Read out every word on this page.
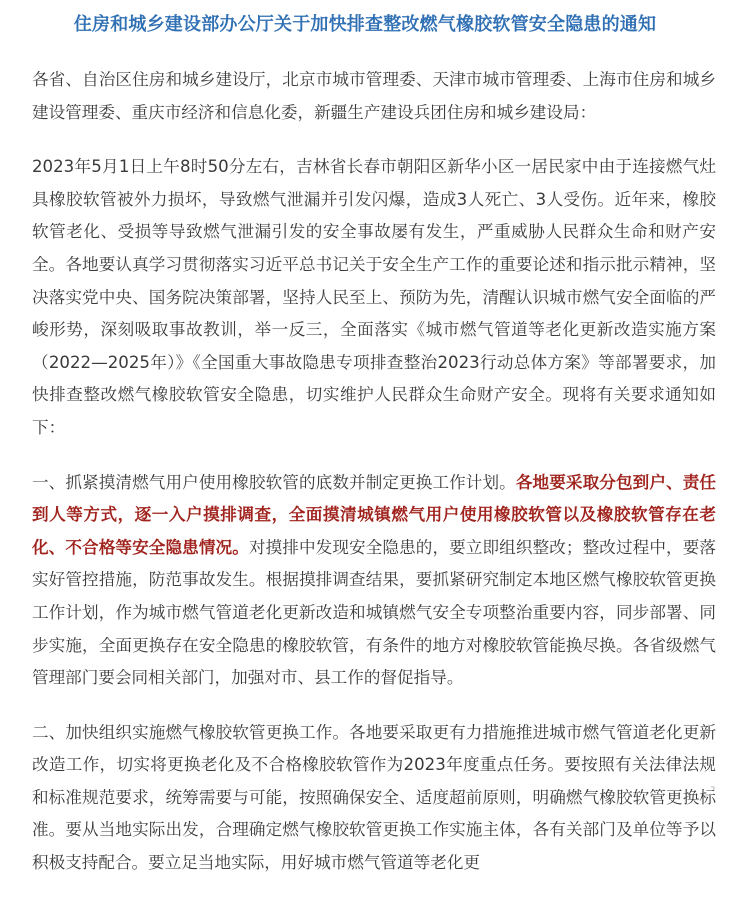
住房和城乡建设部办公厅关于加快排查整改燃气橡胶软管安全隐患的通知

各省、自治区住房和城乡建设厅，北京市城市管理委、天津市城市管理委、上海市住房和城乡建设管理委、重庆市经济和信息化委，新疆生产建设兵团住房和城乡建设局：

2023年5月1日上午8时50分左右，吉林省长春市朝阳区新华小区一居民家中由于连接燃气灶具橡胶软管被外力损坏，导致燃气泄漏并引发闪爆，造成3人死亡、3人受伤。近年来，橡胶软管老化、受损等导致燃气泄漏引发的安全事故屡有发生，严重威胁人民群众生命和财产安全。各地要认真学习贯彻落实习近平总书记关于安全生产工作的重要论述和指示批示精神，坚决落实党中央、国务院决策部署，坚持人民至上、预防为先，清醒认识城市燃气安全面临的严峻形势，深刻吸取事故教训，举一反三，全面落实《城市燃气管道等老化更新改造实施方案（2022—2025年）》《全国重大事故隐患专项排查整治2023行动总体方案》等部署要求，加快排查整改燃气橡胶软管安全隐患，切实维护人民群众生命财产安全。现将有关要求通知如下：

一、抓紧摸清燃气用户使用橡胶软管的底数并制定更换工作计划。各地要采取分包到户、责任到人等方式，逐一入户摸排调查，全面摸清城镇燃气用户使用橡胶软管以及橡胶软管存在老化、不合格等安全隐患情况。对摸排中发现安全隐患的，要立即组织整改；整改过程中，要落实好管控措施，防范事故发生。根据摸排调查结果，要抓紧研究制定本地区燃气橡胶软管更换工作计划，作为城市燃气管道老化更新改造和城镇燃气安全专项整治重要内容，同步部署、同步实施，全面更换存在安全隐患的橡胶软管，有条件的地方对橡胶软管能换尽换。各省级燃气管理部门要会同相关部门，加强对市、县工作的督促指导。

二、加快组织实施燃气橡胶软管更换工作。各地要采取更有力措施推进城市燃气管道老化更新改造工作，切实将更换老化及不合格橡胶软管作为2023年度重点任务。要按照有关法律法规和标准规范要求，统筹需要与可能，按照确保安全、适度超前原则，明确燃气橡胶软管更换标准。要从当地实际出发，合理确定燃气橡胶软管更换工作实施主体，各有关部门及单位等予以积极支持配合。要立足当地实际，用好城市燃气管道等老化更
